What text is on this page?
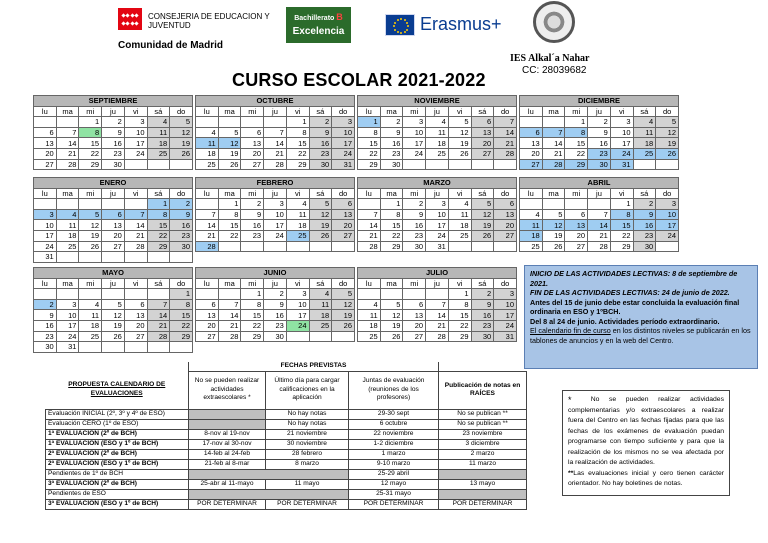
CONSEJERIA DE EDUCACION Y
JUVENTUD
Comunidad de Madrid
Bachillerato B
Excelencia	Erasmus+
IES Alkal´a Nahar
CC: 28039682
CURSO ESCOLAR 2021-2022
SEPTIEMBRE						
lu	ma	mi	ju	vi	sá	do
		1	2	3	4	5
6	7	8	9	10	11	12
13	14	15	16	17	18	19
20	21	22	23	24	25	26
27	28	29	30			
OCTUBRE						
lu	ma	mi	ju	vi	sá	do
				1	2	3
4	5	6	7	8	9	10
11	12	13	14	15	16	17
18	19	20	21	22	23	24
25	26	27	28	29	30	31
NOVIEMBRE						
lu	ma	mi	ju	vi	sá	do
1	2	3	4	5	6	7
8	9	10	11	12	13	14
15	16	17	18	19	20	21
22	23	24	25	26	27	28
29	30					
DICIEMBRE						
lu	ma	mi	ju	vi	sá	do
		1	2	3	4	5
6	7	8	9	10	11	12
13	14	15	16	17	18	19
20	21	22	23	24	25	26
27	28	29	30	31		
ENERO						
lu	ma	mi	ju	vi	sá	do
					1	2
3	4	5	6	7	8	9
10	11	12	13	14	15	16
17	18	19	20	21	22	23
24	25	26	27	28	29	30
31						
FEBRERO						
lu	ma	mi	ju	vi	sá	do
	1	2	3	4	5	6
7	8	9	10	11	12	13
14	15	16	17	18	19	20
21	22	23	24	25	26	27
28						
MARZO						
lu	ma	mi	ju	vi	sá	do
	1	2	3	4	5	6
7	8	9	10	11	12	13
14	15	16	17	18	19	20
21	22	23	24	25	26	27
28	29	30	31			
ABRIL						
lu	ma	mi	ju	vi	sá	do
				1	2	3
4	5	6	7	8	9	10
11	12	13	14	15	16	17
18	19	20	21	22	23	24
25	26	27	28	29	30	
MAYO						
lu	ma	mi	ju	vi	sá	do
						1
2	3	4	5	6	7	8
9	10	11	12	13	14	15
16	17	18	19	20	21	22
23	24	25	26	27	28	29
30	31					
JUNIO						
lu	ma	mi	ju	vi	sá	do
		1	2	3	4	5
6	7	8	9	10	11	12
13	14	15	16	17	18	19
20	21	22	23	24	25	26
27	28	29	30			
JULIO						
lu	ma	mi	ju	vi	sá	do
				1	2	3
4	5	6	7	8	9	10
11	12	13	14	15	16	17
18	19	20	21	22	23	24
25	26	27	28	29	30	31

INICIO DE LAS ACTIVIDADES LECTIVAS: 8 de septiembre de 2021.

FIN DE LAS ACTIVIDADES LECTIVAS: 24 de junio de 2022.

Antes del 15 de junio debe estar concluida la evaluación final ordinaria en ESO y 1ºBCH.

Del 8 al 24 de junio. Actividades período extraordinario.

El calendario fin de curso en los distintos niveles se publicarán en los tablones de anuncios y en la web del Centro.

	FECHAS PREVISTAS			
PROPUESTA CALENDARIO DE EVALUACIONES	No se pueden realizar actividades extraescolares *	Último día para cargar calificaciones en la aplicación	Juntas de evaluación (reuniones de los profesores)	Publicación de notas en RAÍCES
Evaluación INICIAL (2º, 3º y 4º de ESO)		No hay notas	29-30 sept	No se publican **
Evaluación CERO (1º de ESO)		No hay notas	6 octubre	No se publican **
1ª EVALUACIÓN (2º de BCH)	8-nov al 19-nov	21 noviembre	22 noviembre	23 noviembre
1ª EVALUACIÓN (ESO y 1º de BCH)	17-nov al 30-nov	30 noviembre	1-2 diciembre	3 diciembre
2ª EVALUACIÓN (2º de BCH)	14-feb al 24-feb	28 febrero	1 marzo	2 marzo
2ª EVALUACIÓN (ESO y 1º de BCH)	21-feb al 8-mar	8 marzo	9-10 marzo	11 marzo
Pendientes de 1º de BCH			25-29 abril	
3ª EVALUACIÓN (2º de BCH)	25-abr al 11-mayo	11 mayo	12 mayo	13 mayo
Pendientes de ESO			25-31 mayo	
3ª EVALUACIÓN (ESO y 1º de BCH)	POR DETERMINAR	POR DETERMINAR	POR DETERMINAR	POR DETERMINAR

*	No se pueden realizar actividades complementarias y/o extraescolares a realizar fuera del Centro en las fechas fijadas para que las fechas de los exámenes de evaluación puedan programarse con tiempo suficiente y para que la realización de los mismos no se vea afectada por la realización de actividades.

**Las evaluaciones inicial y cero tienen carácter orientador. No hay boletines de notas.
